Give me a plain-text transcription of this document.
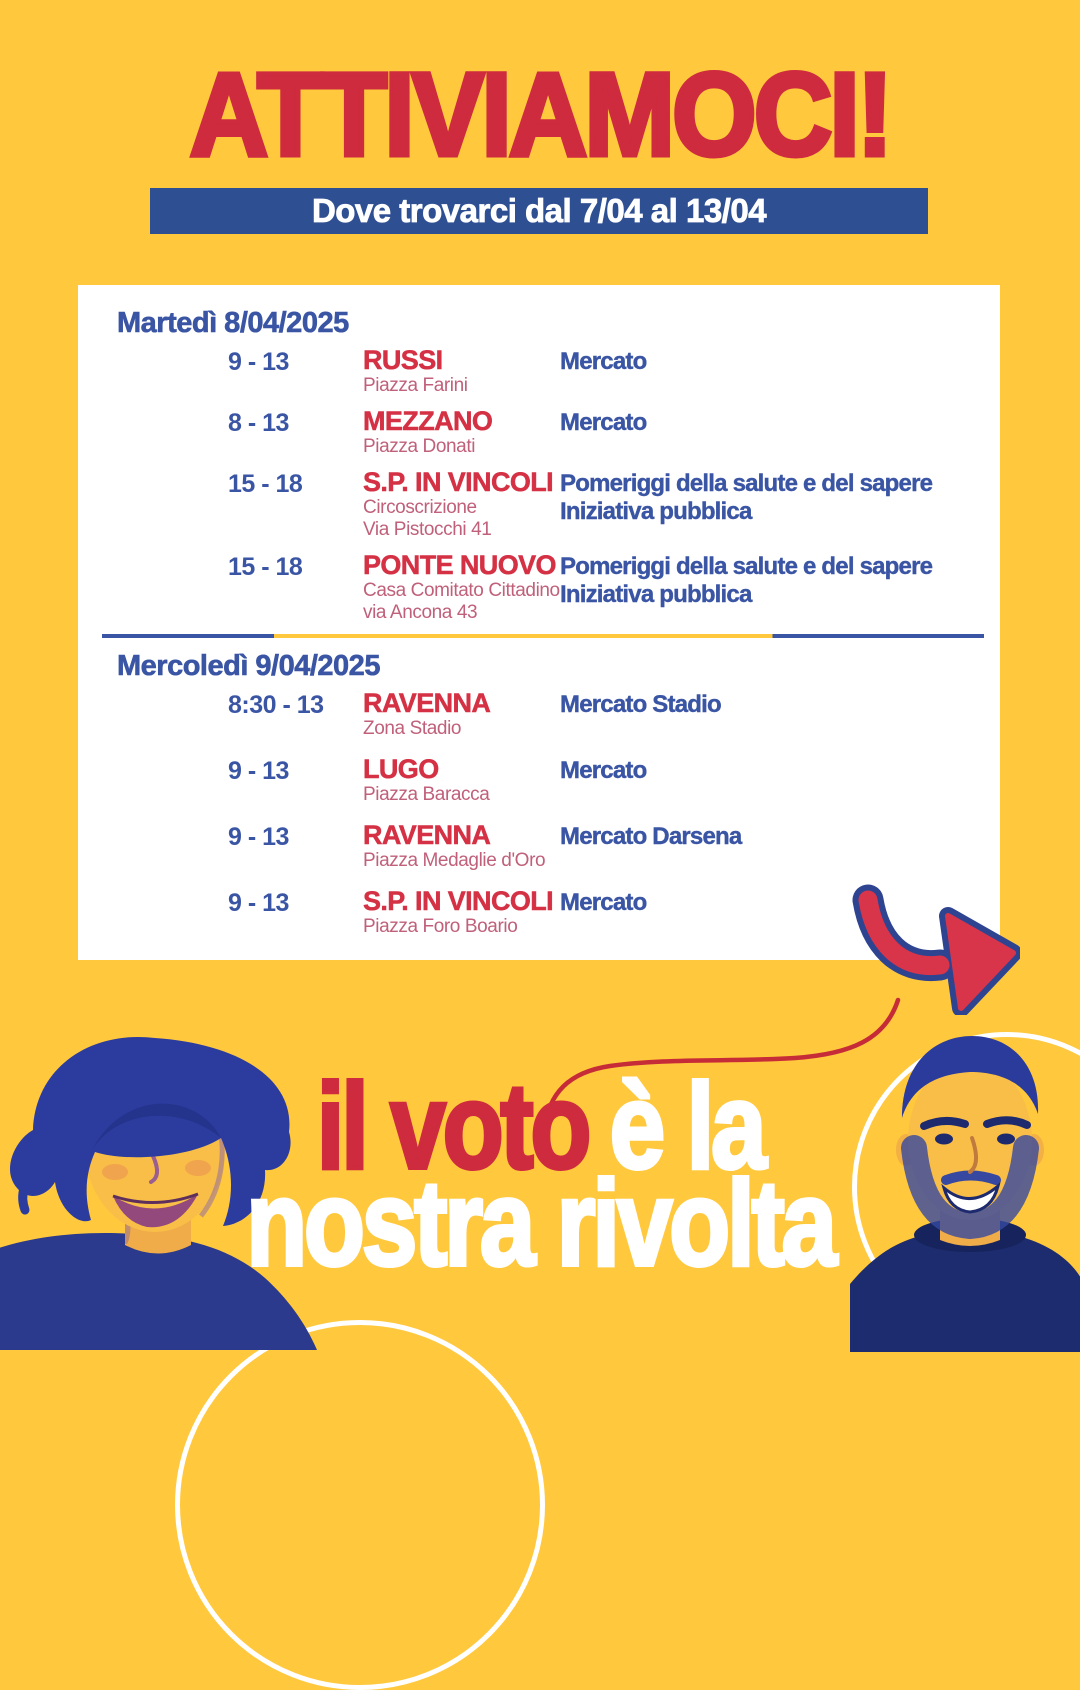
ATTIVIAMOCI!
Dove trovarci dal 7/04 al 13/04
Martedì 8/04/2025
9 - 13	RUSSI
Piazza Farini
Mercato
8 - 13	MEZZANO
Piazza Donati
Mercato
15 - 18	S.P. IN VINCOLI
Circoscrizione
Via Pistocchi 41
Pomeriggi della salute e del sapere
Iniziativa pubblica
15 - 18	PONTE NUOVO
Casa Comitato Cittadino
via Ancona 43
Pomeriggi della salute e del sapere
Iniziativa pubblica
Mercoledì 9/04/2025
8:30 - 13	RAVENNA
Zona Stadio
Mercato Stadio
9 - 13	LUGO
Piazza Baracca
Mercato
9 - 13	RAVENNA
Piazza Medaglie d'Oro
Mercato Darsena
9 - 13	S.P. IN VINCOLI
Piazza Foro Boario
Mercato
il voto è la
nostra rivolta
